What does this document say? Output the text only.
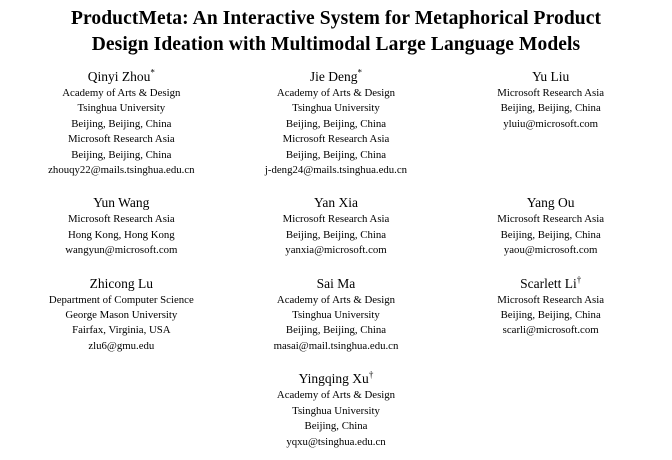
ProductMeta: An Interactive System for Metaphorical Product
Design Ideation with Multimodal Large Language Models
Qinyi Zhou*
Academy of Arts & Design
Tsinghua University
Beijing, Beijing, China
Microsoft Research Asia
Beijing, Beijing, China
zhouqy22@mails.tsinghua.edu.cn
Jie Deng*
Academy of Arts & Design
Tsinghua University
Beijing, Beijing, China
Microsoft Research Asia
Beijing, Beijing, China
j-deng24@mails.tsinghua.edu.cn
Yu Liu
Microsoft Research Asia
Beijing, Beijing, China
yluiu@microsoft.com
Yun Wang
Microsoft Research Asia
Hong Kong, Hong Kong
wangyun@microsoft.com
Yan Xia
Microsoft Research Asia
Beijing, Beijing, China
yanxia@microsoft.com
Yang Ou
Microsoft Research Asia
Beijing, Beijing, China
yaou@microsoft.com
Zhicong Lu
Department of Computer Science
George Mason University
Fairfax, Virginia, USA
zlu6@gmu.edu
Sai Ma
Academy of Arts & Design
Tsinghua University
Beijing, Beijing, China
masai@mail.tsinghua.edu.cn
Scarlett Li†
Microsoft Research Asia
Beijing, Beijing, China
scarli@microsoft.com
Yingqing Xu†
Academy of Arts & Design
Tsinghua University
Beijing, China
yqxu@tsinghua.edu.cn
